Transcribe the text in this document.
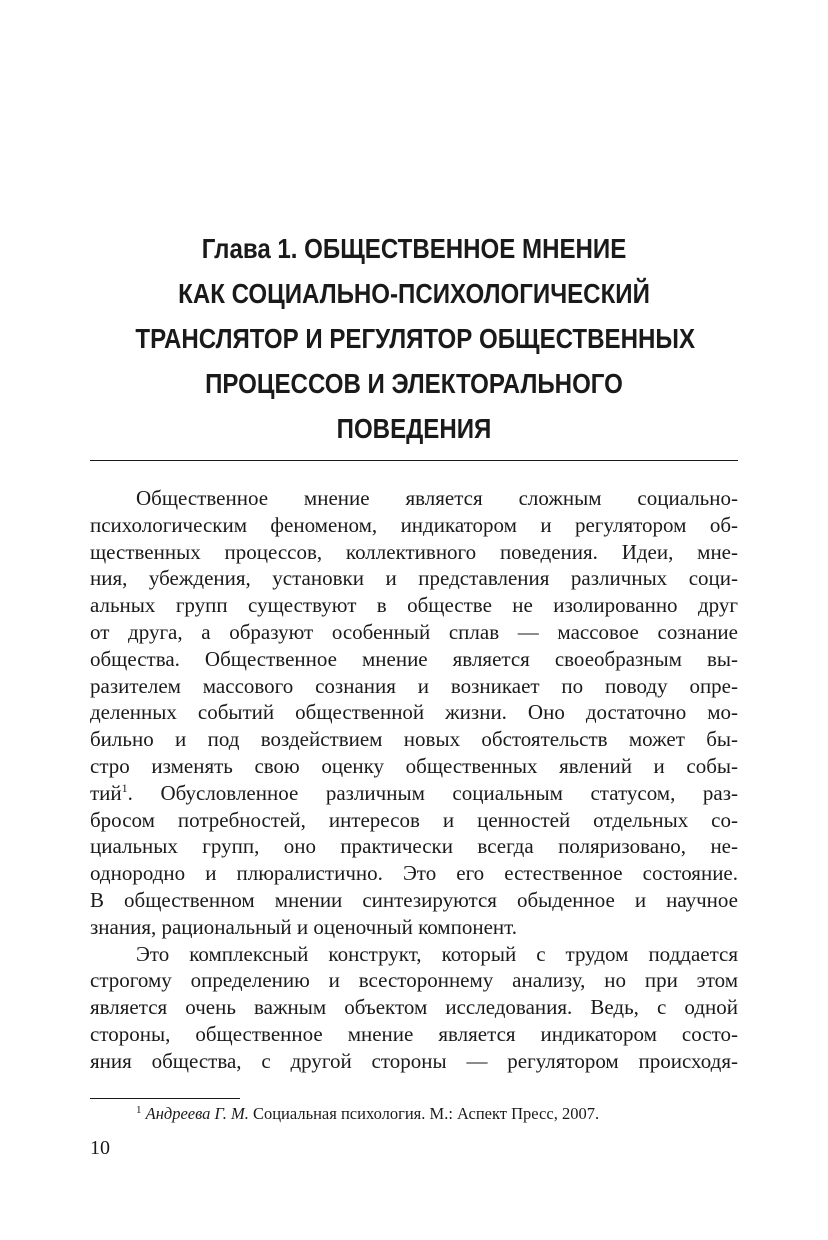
Глава 1. ОБЩЕСТВЕННОЕ МНЕНИЕ
КАК СОЦИАЛЬНО-ПСИХОЛОГИЧЕСКИЙ
ТРАНСЛЯТОР И РЕГУЛЯТОР ОБЩЕСТВЕННЫХ
ПРОЦЕССОВ И ЭЛЕКТОРАЛЬНОГО
ПОВЕДЕНИЯ
Общественное мнение является сложным социально-
психологическим феноменом, индикатором и регулятором об-
щественных процессов, коллективного поведения. Идеи, мне-
ния, убеждения, установки и представления различных соци-
альных групп существуют в обществе не изолированно друг
от друга, а образуют особенный сплав — массовое сознание
общества. Общественное мнение является своеобразным вы-
разителем массового сознания и возникает по поводу опре-
деленных событий общественной жизни. Оно достаточно мо-
бильно и под воздействием новых обстоятельств может бы-
стро изменять свою оценку общественных явлений и собы-
тий$^1$. Обусловленное различным социальным статусом, раз-
бросом потребностей, интересов и ценностей отдельных со-
циальных групп, оно практически всегда поляризовано, не-
однородно и плюралистично. Это его естественное состояние.
В общественном мнении синтезируются обыденное и научное
знания, рациональный и оценочный компонент.
Это комплексный конструкт, который с трудом поддается
строгому определению и всестороннему анализу, но при этом
является очень важным объектом исследования. Ведь, с одной
стороны, общественное мнение является индикатором состо-
яния общества, с другой стороны — регулятором происходя-
$^1$ Андреева Г. М. Социальная психология. М.: Аспект Пресс, 2007.
10
